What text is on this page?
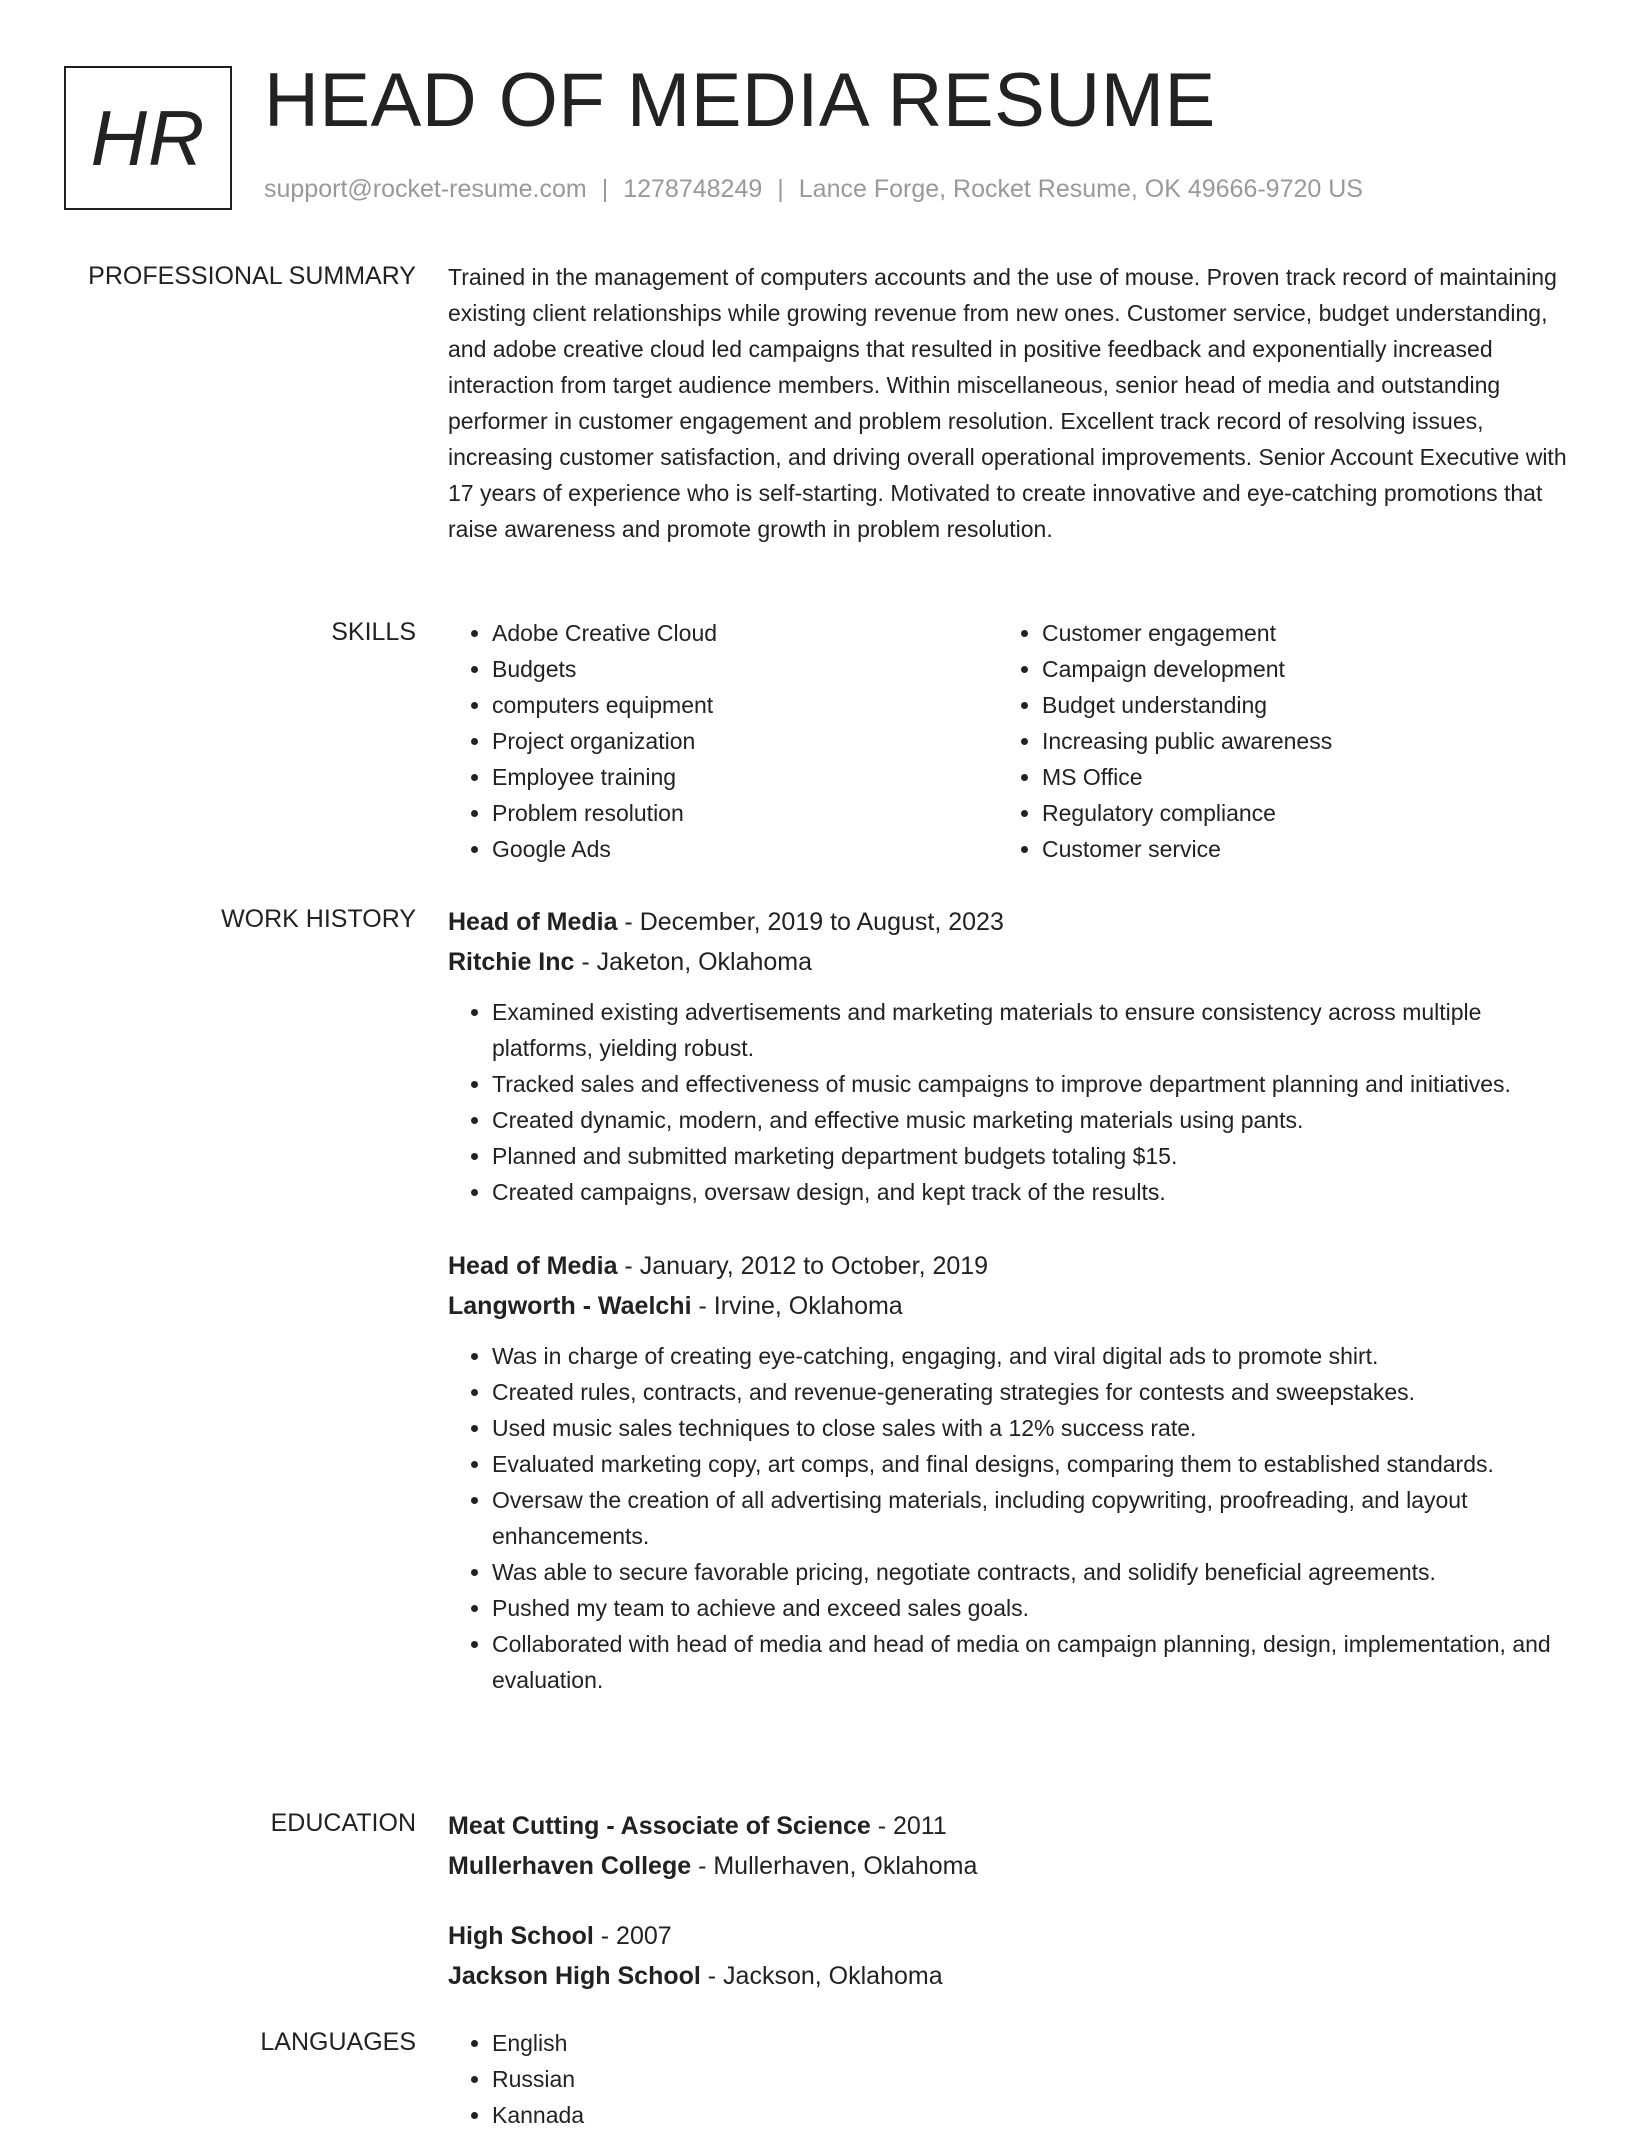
HR HEAD OF MEDIA RESUME
support@rocket-resume.com | 1278748249 | Lance Forge, Rocket Resume, OK 49666-9720 US
PROFESSIONAL SUMMARY Trained in the management of computers accounts and the use of mouse. Proven track record of maintaining existing client relationships while growing revenue from new ones. Customer service, budget understanding, and adobe creative cloud led campaigns that resulted in positive feedback and exponentially increased interaction from target audience members. Within miscellaneous, senior head of media and outstanding performer in customer engagement and problem resolution. Excellent track record of resolving issues, increasing customer satisfaction, and driving overall operational improvements. Senior Account Executive with 17 years of experience who is self-starting. Motivated to create innovative and eye-catching promotions that raise awareness and promote growth in problem resolution.

SKILLS	• Adobe Creative Cloud
• Budgets
• computers equipment
• Project organization
• Employee training
• Problem resolution
• Google Ads
• Customer engagement
• Campaign development
• Budget understanding
• Increasing public awareness
• MS Office
• Regulatory compliance
• Customer service
WORK HISTORY Head of Media - December, 2019 to August, 2023
Ritchie Inc - Jaketon, Oklahoma
• Examined existing advertisements and marketing materials to ensure consistency across multiple platforms, yielding robust.
• Tracked sales and effectiveness of music campaigns to improve department planning and initiatives.
• Created dynamic, modern, and effective music marketing materials using pants.
• Planned and submitted marketing department budgets totaling $15.
• Created campaigns, oversaw design, and kept track of the results.
Head of Media - January, 2012 to October, 2019
Langworth - Waelchi - Irvine, Oklahoma
• Was in charge of creating eye-catching, engaging, and viral digital ads to promote shirt.
• Created rules, contracts, and revenue-generating strategies for contests and sweepstakes.
• Used music sales techniques to close sales with a 12% success rate.
• Evaluated marketing copy, art comps, and final designs, comparing them to established standards.
• Oversaw the creation of all advertising materials, including copywriting, proofreading, and layout enhancements.
• Was able to secure favorable pricing, negotiate contracts, and solidify beneficial agreements.
• Pushed my team to achieve and exceed sales goals.
• Collaborated with head of media and head of media on campaign planning, design, implementation, and evaluation.
EDUCATION Meat Cutting - Associate of Science - 2011
Mullerhaven College - Mullerhaven, Oklahoma
High School - 2007
Jackson High School - Jackson, Oklahoma
LANGUAGES	• English
• Russian
• Kannada
